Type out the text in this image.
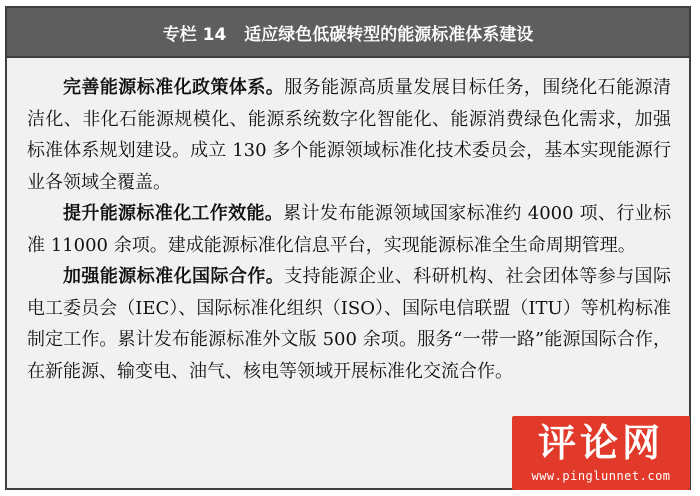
专栏 14 适应绿色低碳转型的能源标准体系建设

完善能源标准化政策体系。服务能源高质量发展目标任务，围绕化石能源清洁化、非化石能源规模化、能源系统数字化智能化、能源消费绿色化需求，加强标准体系规划建设。成立 130 多个能源领域标准化技术委员会，基本实现能源行业各领域全覆盖。

提升能源标准化工作效能。累计发布能源领域国家标准约 4000 项、行业标准 11000 余项。建成能源标准化信息平台，实现能源标准全生命周期管理。

加强能源标准化国际合作。支持能源企业、科研机构、社会团体等参与国际电工委员会（IEC）、国际标准化组织（ISO）、国际电信联盟（ITU）等机构标准制定工作。累计发布能源标准外文版 500 余项。服务“一带一路”能源国际合作，在新能源、输变电、油气、核电等领域开展标准化交流合作。

评论网
www.pinglunnet.com
